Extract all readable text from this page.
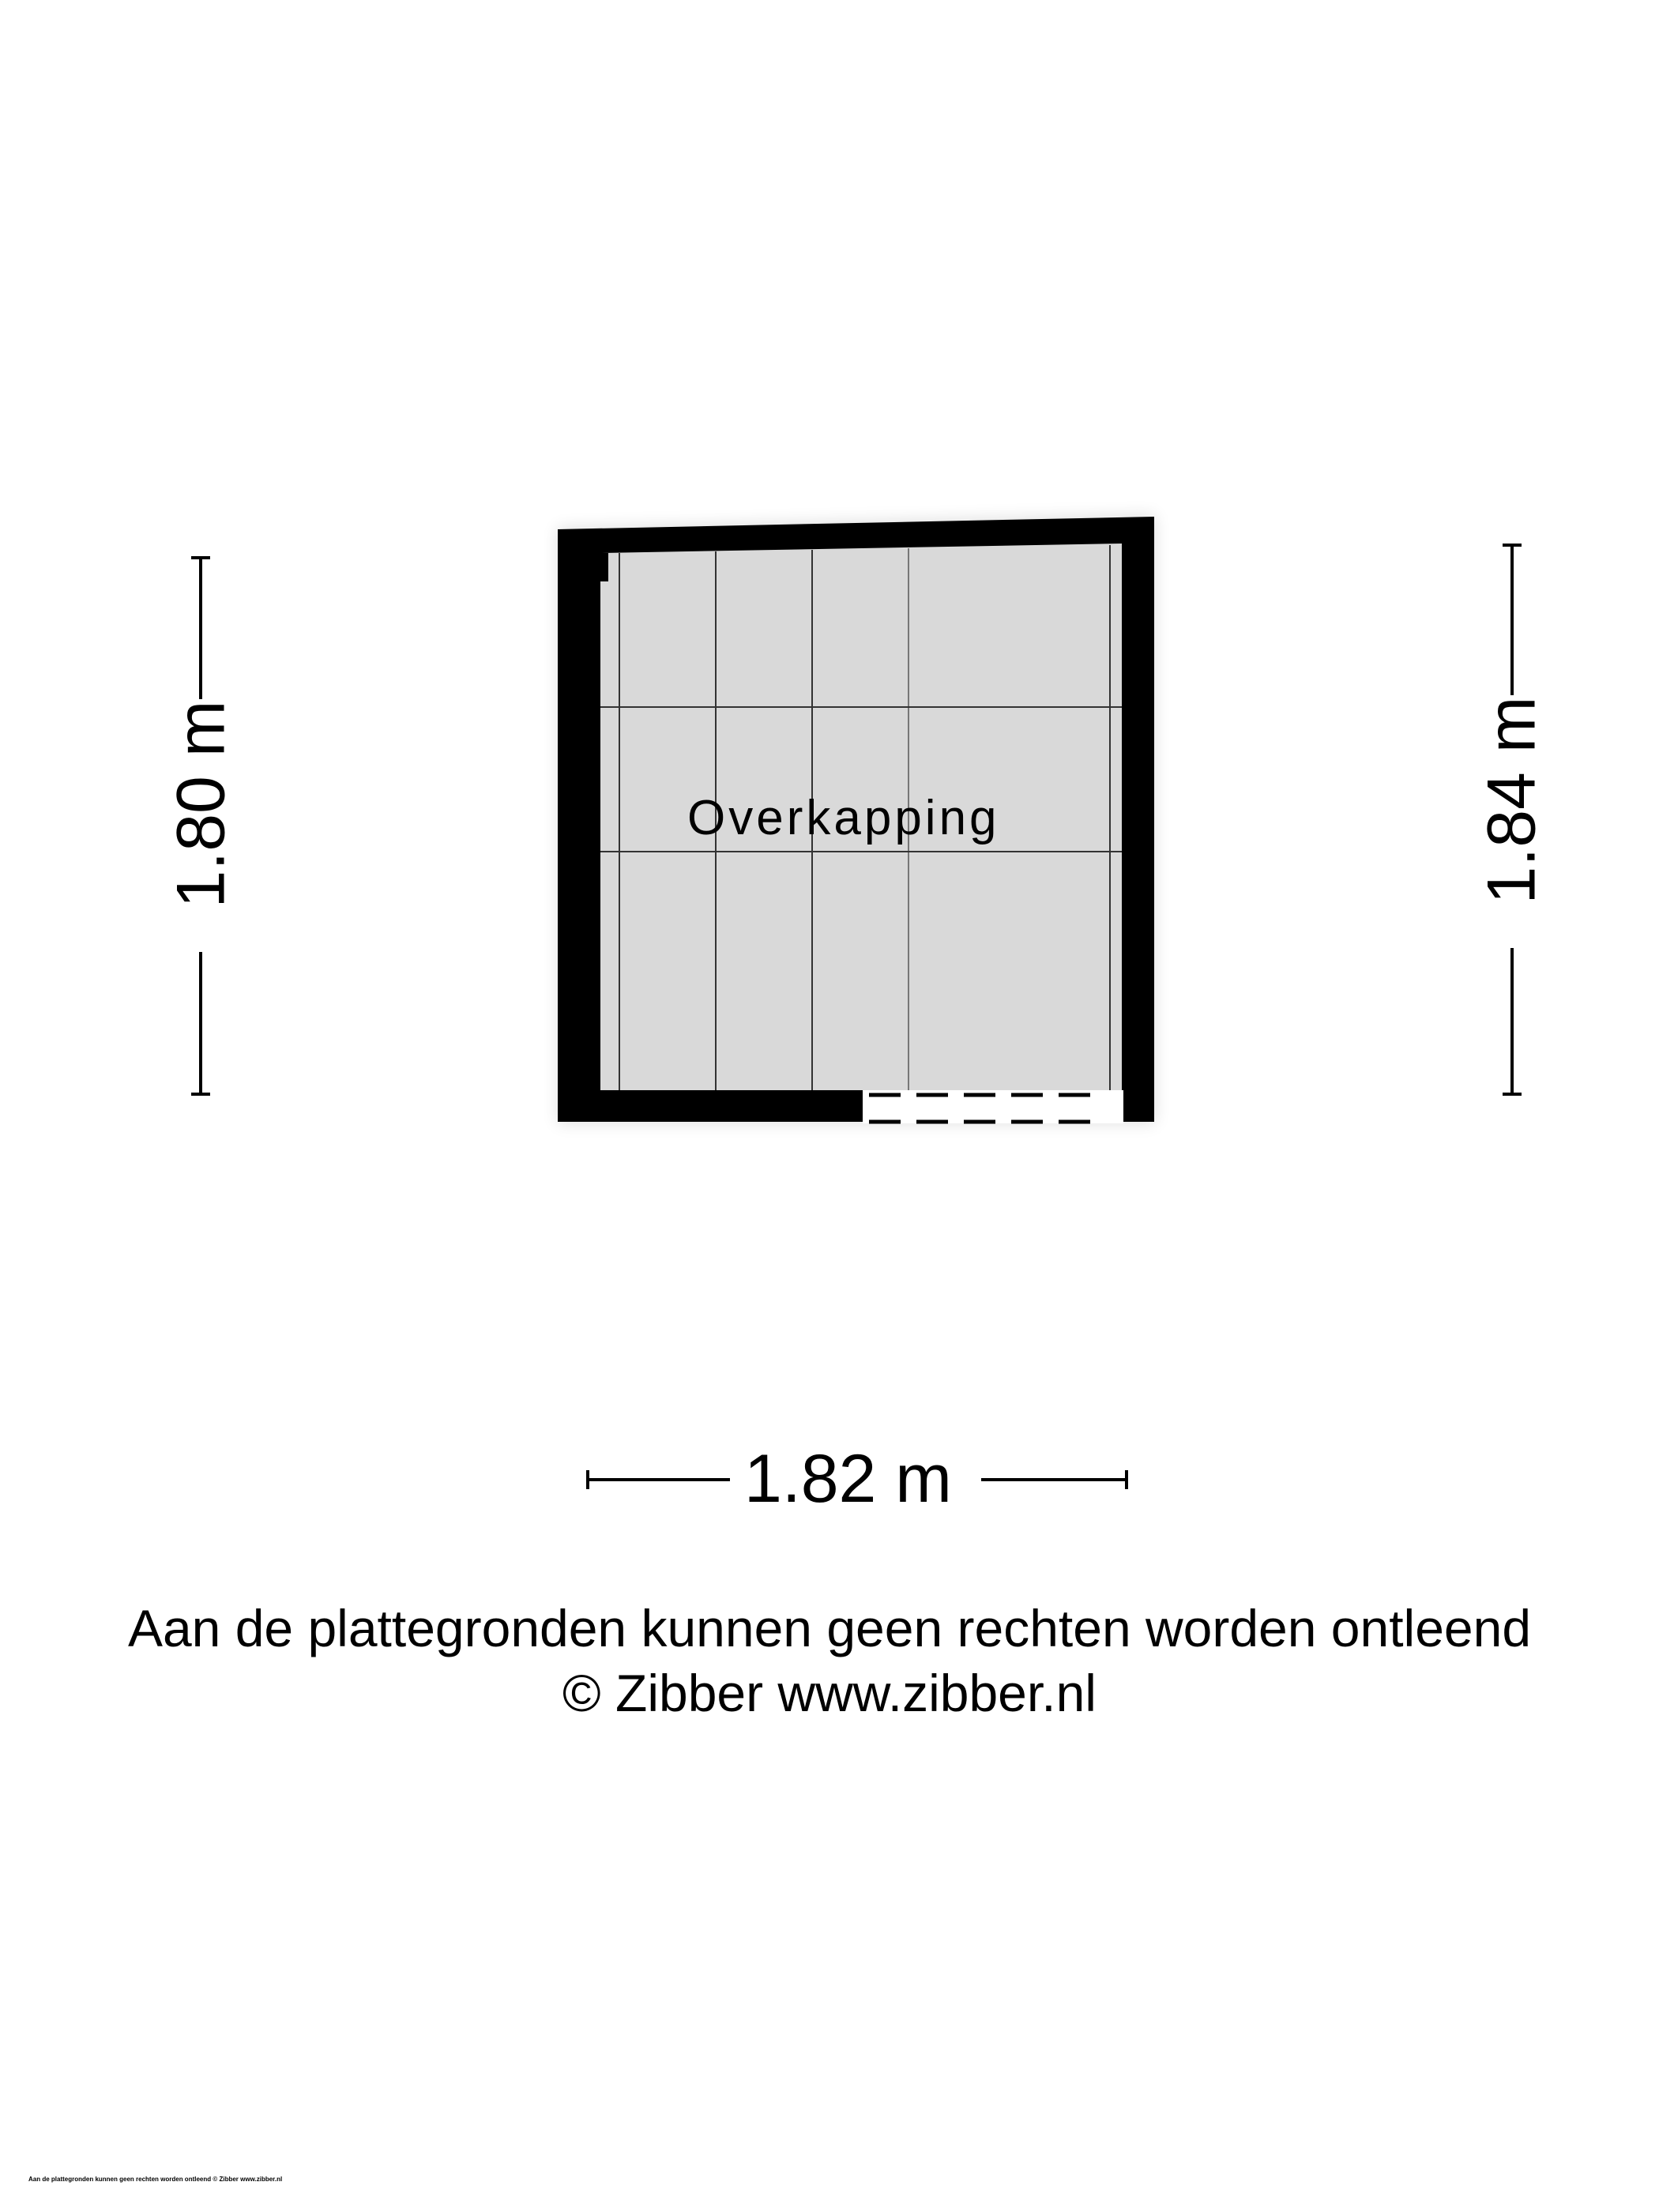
Overkapping
1.80 m	1.84 m
1.82 m
Aan de plattegronden kunnen geen rechten worden ontleend
© Zibber www.zibber.nl
Aan de plattegronden kunnen geen rechten worden ontleend © Zibber www.zibber.nl
